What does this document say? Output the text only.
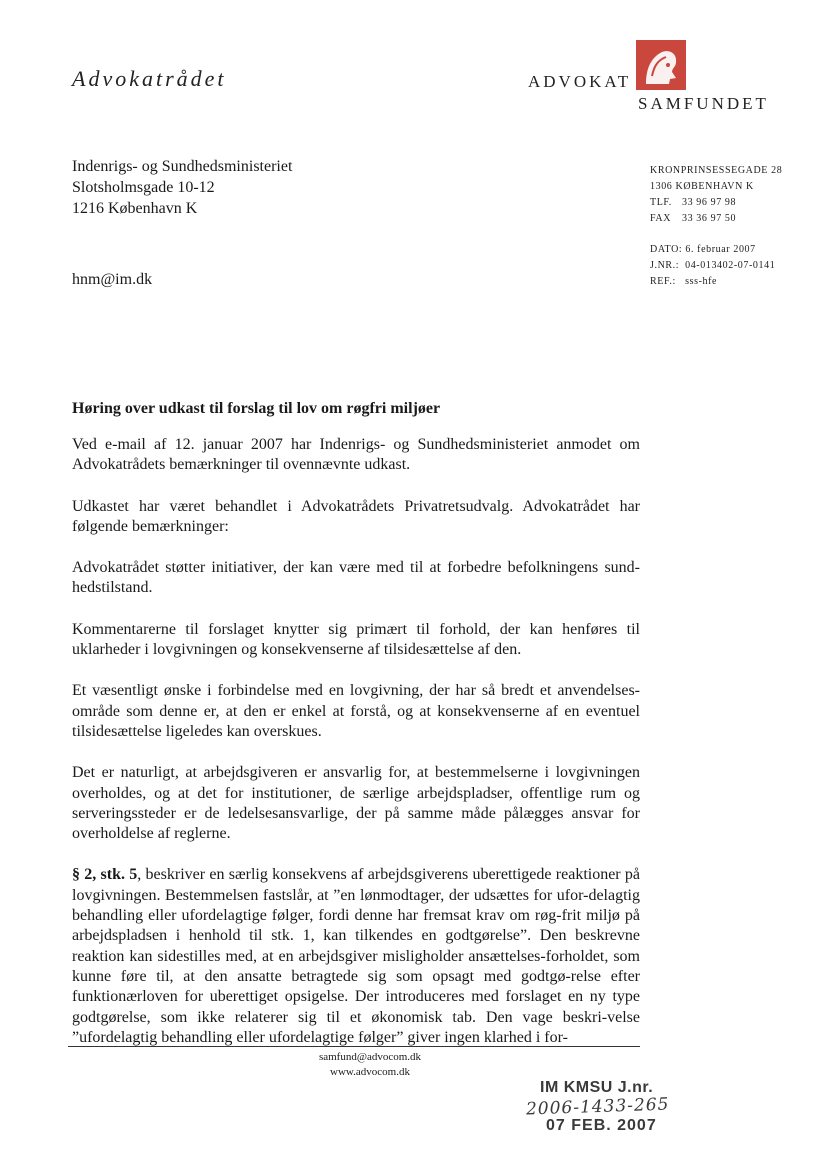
Advokatrådet	ADVOKAT
SAMFUNDET
Indenrigs- og Sundhedsministeriet
Slotsholmsgade 10-12
1216 København K
hnm@im.dk
KRONPRINSESSEGADE 28
1306 KØBENHAVN K
TLF. 33 96 97 98
FAX 33 36 97 50
DATO: 6. februar 2007
J.NR.: 04-013402-07-0141
REF.: sss-hfe
Høring over udkast til forslag til lov om røgfri miljøer

Ved e-mail af 12. januar 2007 har Indenrigs- og Sundhedsministeriet anmodet om Advokatrådets bemærkninger til ovennævnte udkast.

Udkastet har været behandlet i Advokatrådets Privatretsudvalg. Advokatrådet har følgende bemærkninger:

Advokatrådet støtter initiativer, der kan være med til at forbedre befolkningens sund-hedstilstand.

Kommentarerne til forslaget knytter sig primært til forhold, der kan henføres til uklarheder i lovgivningen og konsekvenserne af tilsidesættelse af den.

Et væsentligt ønske i forbindelse med en lovgivning, der har så bredt et anvendelses-område som denne er, at den er enkel at forstå, og at konsekvenserne af en eventuel tilsidesættelse ligeledes kan overskues.

Det er naturligt, at arbejdsgiveren er ansvarlig for, at bestemmelserne i lovgivningen overholdes, og at det for institutioner, de særlige arbejdspladser, offentlige rum og serveringssteder er de ledelsesansvarlige, der på samme måde pålægges ansvar for overholdelse af reglerne.

§ 2, stk. 5, beskriver en særlig konsekvens af arbejdsgiverens uberettigede reaktioner på lovgivningen. Bestemmelsen fastslår, at ”en lønmodtager, der udsættes for ufor-delagtig behandling eller ufordelagtige følger, fordi denne har fremsat krav om røg-frit miljø på arbejdspladsen i henhold til stk. 1, kan tilkendes en godtgørelse”. Den beskrevne reaktion kan sidestilles med, at en arbejdsgiver misligholder ansættelses-forholdet, som kunne føre til, at den ansatte betragtede sig som opsagt med godtgø-relse efter funktionærloven for uberettiget opsigelse. Der introduceres med forslaget en ny type godtgørelse, som ikke relaterer sig til et økonomisk tab. Den vage beskri-velse ”ufordelagtig behandling eller ufordelagtige følger” giver ingen klarhed i for-

samfund@advocom.dk
www.advocom.dk
IM KMSU J.nr.
2006-1433-265
07 FEB. 2007
